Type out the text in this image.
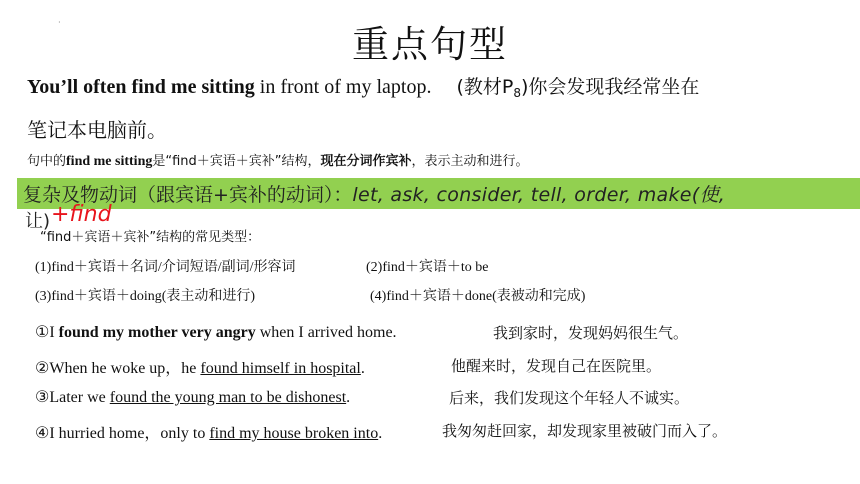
·
重点句型
You’ll often find me sitting in front of my laptop. (教材$P_8$)你会发现我经常坐在
笔记本电脑前。
句中的find me sitting是“find＋宾语＋宾补”结构，现在分词作宾补，表示主动和进行。
复杂及物动词（跟宾语+宾补的动词）：let, ask, consider, tell, order, make(使,
让) +find
“find＋宾语＋宾补”结构的常见类型：
(1)find＋宾语＋名词/介词短语/副词/形容词	(2)find＋宾语＋to be
(3)find＋宾语＋doing(表主动和进行)	(4)find＋宾语＋done(表被动和完成)
①I found my mother very angry when I arrived home.	我到家时，发现妈妈很生气。
②When he woke up，he found himself in hospital.	他醒来时，发现自己在医院里。
③Later we found the young man to be dishonest.	后来，我们发现这个年轻人不诚实。
④I hurried home，only to find my house broken into.	我匆匆赶回家，却发现家里被破门而入了。
